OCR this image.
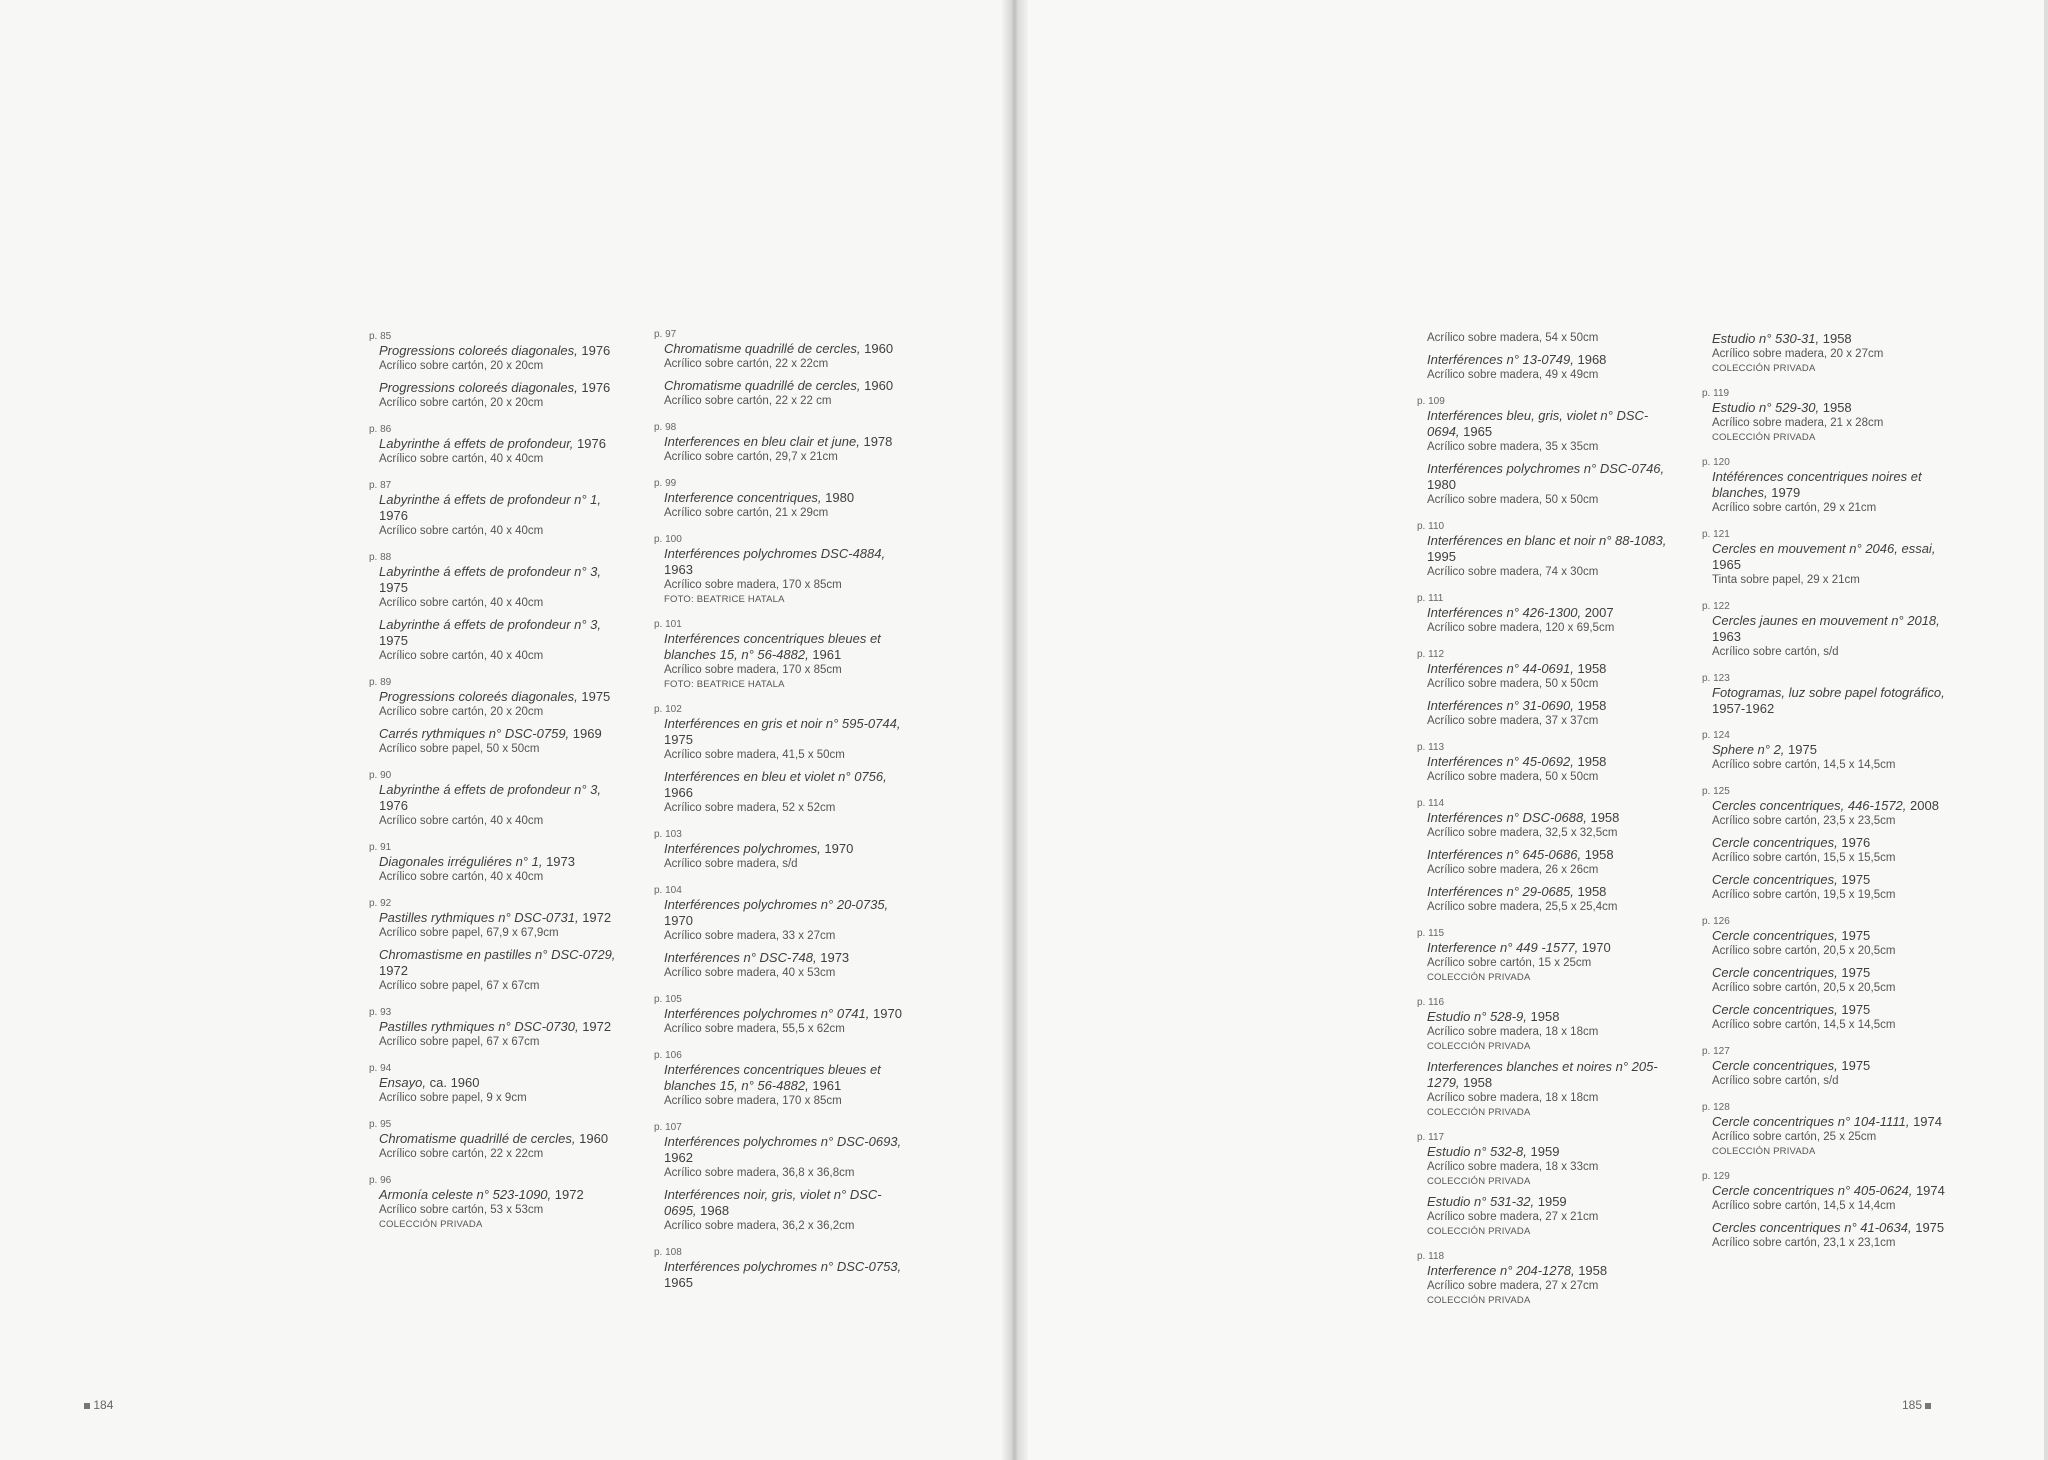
p. 85
Progressions coloreés diagonales, 1976
Acrílico sobre cartón, 20 x 20cm
Progressions coloreés diagonales, 1976
Acrílico sobre cartón, 20 x 20cm
p. 86
Labyrinthe á effets de profondeur, 1976
Acrílico sobre cartón, 40 x 40cm
p. 87
Labyrinthe á effets de profondeur n° 1, 1976
Acrílico sobre cartón, 40 x 40cm
p. 88
Labyrinthe á effets de profondeur n° 3, 1975
Acrílico sobre cartón, 40 x 40cm
Labyrinthe á effets de profondeur n° 3, 1975
Acrílico sobre cartón, 40 x 40cm
p. 89
Progressions coloreés diagonales, 1975
Acrílico sobre cartón, 20 x 20cm
Carrés rythmiques n° DSC-0759, 1969
Acrílico sobre papel, 50 x 50cm
p. 90
Labyrinthe á effets de profondeur n° 3, 1976
Acrílico sobre cartón, 40 x 40cm
p. 91
Diagonales irréguliéres n° 1, 1973
Acrílico sobre cartón, 40 x 40cm
p. 92
Pastilles rythmiques n° DSC-0731, 1972
Acrílico sobre papel, 67,9 x 67,9cm
Chromastisme en pastilles n° DSC-0729, 1972
Acrílico sobre papel, 67 x 67cm
p. 93
Pastilles rythmiques n° DSC-0730, 1972
Acrílico sobre papel, 67 x 67cm
p. 94
Ensayo, ca. 1960
Acrílico sobre papel, 9 x 9cm
p. 95
Chromatisme quadrillé de cercles, 1960
Acrílico sobre cartón, 22 x 22cm
p. 96
Armonía celeste n° 523-1090, 1972
Acrílico sobre cartón, 53 x 53cm
COLECCIÓN PRIVADA
p. 97
Chromatisme quadrillé de cercles, 1960
Acrílico sobre cartón, 22 x 22cm
Chromatisme quadrillé de cercles, 1960
Acrílico sobre cartón, 22 x 22 cm
p. 98
Interferences en bleu clair et june, 1978
Acrílico sobre cartón, 29,7 x 21cm
p. 99
Interference concentriques, 1980
Acrílico sobre cartón, 21 x 29cm
p. 100
Interférences polychromes DSC-4884, 1963
Acrílico sobre madera, 170 x 85cm
FOTO: BEATRICE HATALA
p. 101
Interférences concentriques bleues et blanches 15, n° 56-4882, 1961
Acrílico sobre madera, 170 x 85cm
FOTO: BEATRICE HATALA
p. 102
Interférences en gris et noir n° 595-0744, 1975
Acrílico sobre madera, 41,5 x 50cm
Interférences en bleu et violet n° 0756, 1966
Acrílico sobre madera, 52 x 52cm
p. 103
Interférences polychromes, 1970
Acrílico sobre madera, s/d
p. 104
Interférences polychromes n° 20-0735, 1970
Acrílico sobre madera, 33 x 27cm
Interférences n° DSC-748, 1973
Acrílico sobre madera, 40 x 53cm
p. 105
Interférences polychromes n° 0741, 1970
Acrílico sobre madera, 55,5 x 62cm
p. 106
Interférences concentriques bleues et blanches 15, n° 56-4882, 1961
Acrílico sobre madera, 170 x 85cm
p. 107
Interférences polychromes n° DSC-0693, 1962
Acrílico sobre madera, 36,8 x 36,8cm
Interférences noir, gris, violet n° DSC-0695, 1968
Acrílico sobre madera, 36,2 x 36,2cm
p. 108
Interférences polychromes n° DSC-0753, 1965
Acrílico sobre madera, 54 x 50cm
Interférences n° 13-0749, 1968
Acrílico sobre madera, 49 x 49cm
p. 109
Interférences bleu, gris, violet n° DSC-0694, 1965
Acrílico sobre madera, 35 x 35cm
Interférences polychromes n° DSC-0746, 1980
Acrílico sobre madera, 50 x 50cm
p. 110
Interférences en blanc et noir n° 88-1083, 1995
Acrílico sobre madera, 74 x 30cm
p. 111
Interférences n° 426-1300, 2007
Acrílico sobre madera, 120 x 69,5cm
p. 112
Interférences n° 44-0691, 1958
Acrílico sobre madera, 50 x 50cm
Interférences n° 31-0690, 1958
Acrílico sobre madera, 37 x 37cm
p. 113
Interférences n° 45-0692, 1958
Acrílico sobre madera, 50 x 50cm
p. 114
Interférences n° DSC-0688, 1958
Acrílico sobre madera, 32,5 x 32,5cm
Interférences n° 645-0686, 1958
Acrílico sobre madera, 26 x 26cm
Interférences n° 29-0685, 1958
Acrílico sobre madera, 25,5 x 25,4cm
p. 115
Interference n° 449 -1577, 1970
Acrílico sobre cartón, 15 x 25cm
COLECCIÓN PRIVADA
p. 116
Estudio n° 528-9, 1958
Acrílico sobre madera, 18 x 18cm
COLECCIÓN PRIVADA
Interferences blanches et noires n° 205-1279, 1958
Acrílico sobre madera, 18 x 18cm
COLECCIÓN PRIVADA
p. 117
Estudio n° 532-8, 1959
Acrílico sobre madera, 18 x 33cm
COLECCIÓN PRIVADA
Estudio n° 531-32, 1959
Acrílico sobre madera, 27 x 21cm
COLECCIÓN PRIVADA
p. 118
Interference n° 204-1278, 1958
Acrílico sobre madera, 27 x 27cm
COLECCIÓN PRIVADA
Estudio n° 530-31, 1958
Acrílico sobre madera, 20 x 27cm
COLECCIÓN PRIVADA
p. 119
Estudio n° 529-30, 1958
Acrílico sobre madera, 21 x 28cm
COLECCIÓN PRIVADA
p. 120
Intéférences concentriques noires et blanches, 1979
Acrílico sobre cartón, 29 x 21cm
p. 121
Cercles en mouvement n° 2046, essai, 1965
Tinta sobre papel, 29 x 21cm
p. 122
Cercles jaunes en mouvement n° 2018, 1963
Acrílico sobre cartón, s/d
p. 123
Fotogramas, luz sobre papel fotográfico, 1957-1962
p. 124
Sphere n° 2, 1975
Acrílico sobre cartón, 14,5 x 14,5cm
p. 125
Cercles concentriques, 446-1572, 2008
Acrílico sobre cartón, 23,5 x 23,5cm
Cercle concentriques, 1976
Acrílico sobre cartón, 15,5 x 15,5cm
Cercle concentriques, 1975
Acrílico sobre cartón, 19,5 x 19,5cm
p. 126
Cercle concentriques, 1975
Acrílico sobre cartón, 20,5 x 20,5cm
Cercle concentriques, 1975
Acrílico sobre cartón, 20,5 x 20,5cm
Cercle concentriques, 1975
Acrílico sobre cartón, 14,5 x 14,5cm
p. 127
Cercle concentriques, 1975
Acrílico sobre cartón, s/d
p. 128
Cercle concentriques n° 104-1111, 1974
Acrílico sobre cartón, 25 x 25cm
COLECCIÓN PRIVADA
p. 129
Cercle concentriques n° 405-0624, 1974
Acrílico sobre cartón, 14,5 x 14,4cm
Cercles concentriques n° 41-0634, 1975
Acrílico sobre cartón, 23,1 x 23,1cm
184	185
